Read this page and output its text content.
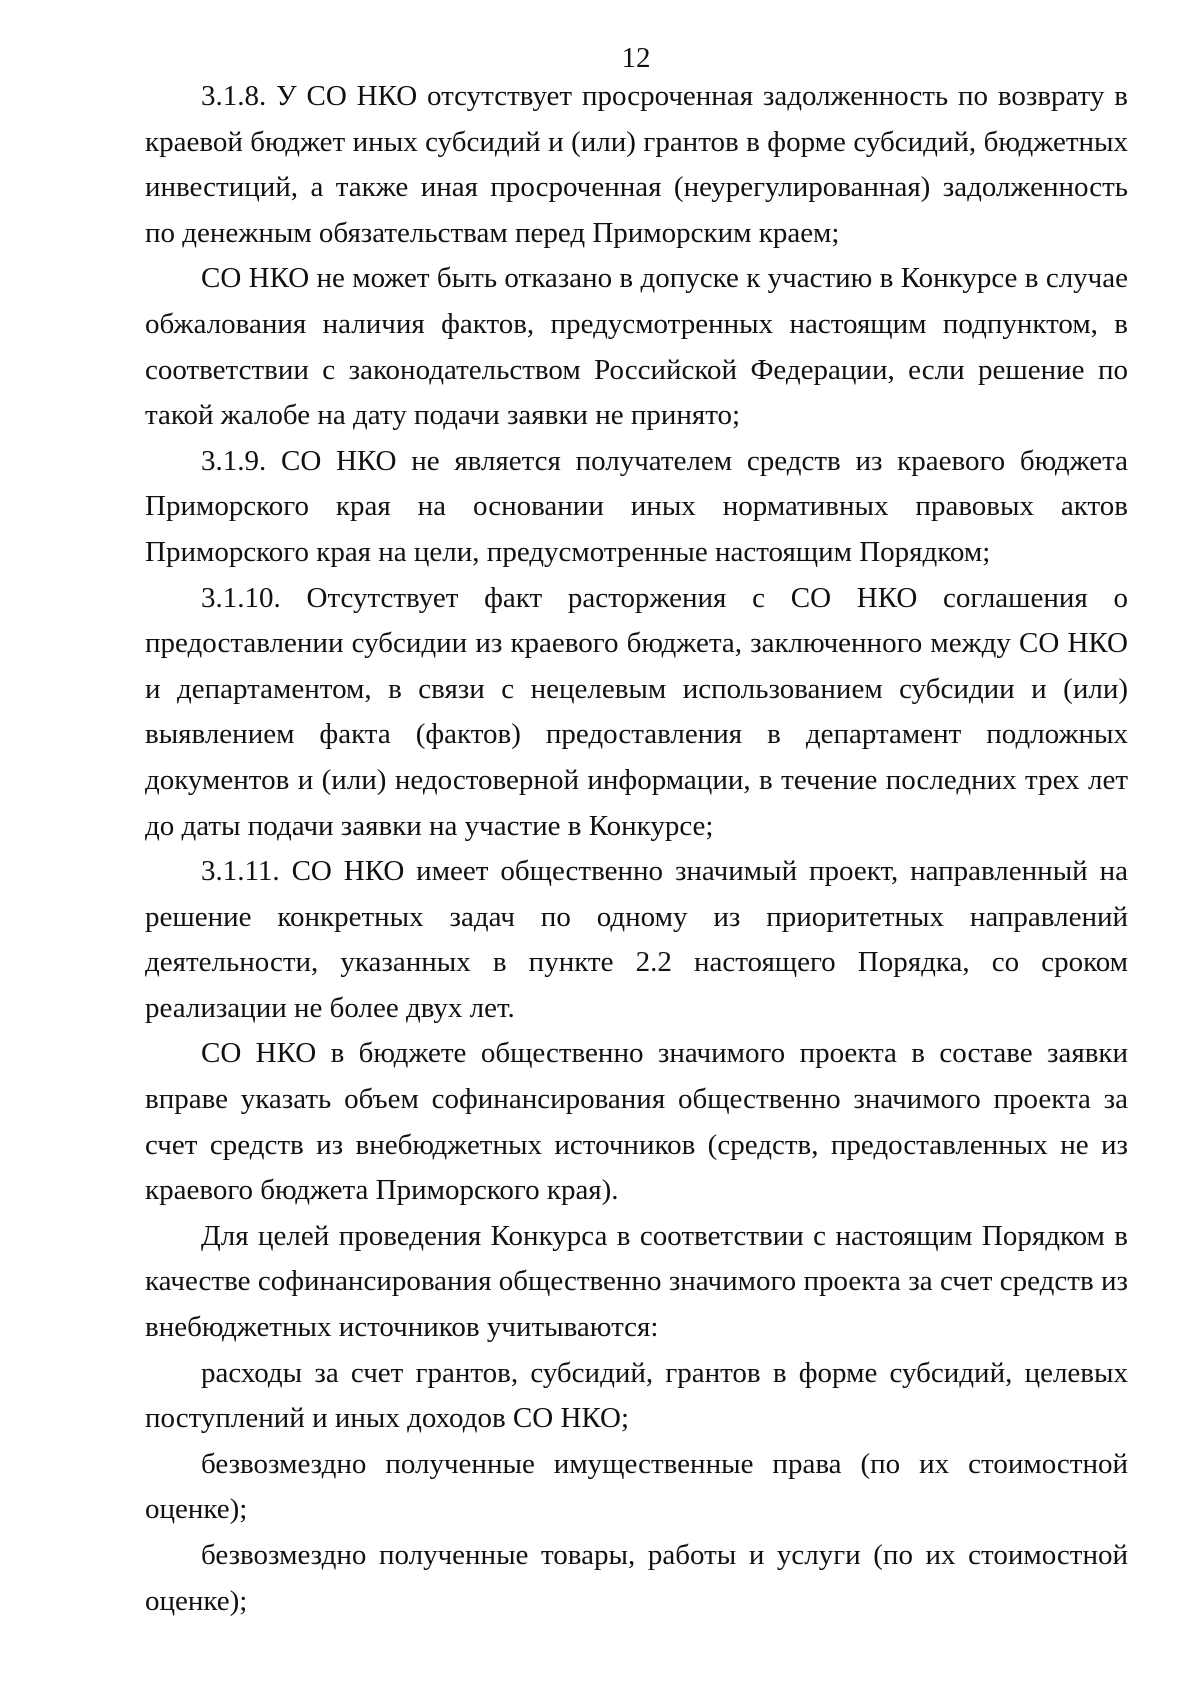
12

3.1.8. У СО НКО отсутствует просроченная задолженность по возврату в краевой бюджет иных субсидий и (или) грантов в форме субсидий, бюджетных инвестиций, а также иная просроченная (неурегулированная) задолженность по денежным обязательствам перед Приморским краем;

СО НКО не может быть отказано в допуске к участию в Конкурсе в случае обжалования наличия фактов, предусмотренных настоящим подпунктом, в соответствии с законодательством Российской Федерации, если решение по такой жалобе на дату подачи заявки не принято;

3.1.9. СО НКО не является получателем средств из краевого бюджета Приморского края на основании иных нормативных правовых актов Приморского края на цели, предусмотренные настоящим Порядком;

3.1.10. Отсутствует факт расторжения с СО НКО соглашения о предоставлении субсидии из краевого бюджета, заключенного между СО НКО и департаментом, в связи с нецелевым использованием субсидии и (или) выявлением факта (фактов) предоставления в департамент подложных документов и (или) недостоверной информации, в течение последних трех лет до даты подачи заявки на участие в Конкурсе;

3.1.11. СО НКО имеет общественно значимый проект, направленный на решение конкретных задач по одному из приоритетных направлений деятельности, указанных в пункте 2.2 настоящего Порядка, со сроком реализации не более двух лет.

СО НКО в бюджете общественно значимого проекта в составе заявки вправе указать объем софинансирования общественно значимого проекта за счет средств из внебюджетных источников (средств, предоставленных не из краевого бюджета Приморского края).

Для целей проведения Конкурса в соответствии с настоящим Порядком в качестве софинансирования общественно значимого проекта за счет средств из внебюджетных источников учитываются:

расходы за счет грантов, субсидий, грантов в форме субсидий, целевых поступлений и иных доходов СО НКО;

безвозмездно полученные имущественные права (по их стоимостной оценке);

безвозмездно полученные товары, работы и услуги (по их стоимостной оценке);
